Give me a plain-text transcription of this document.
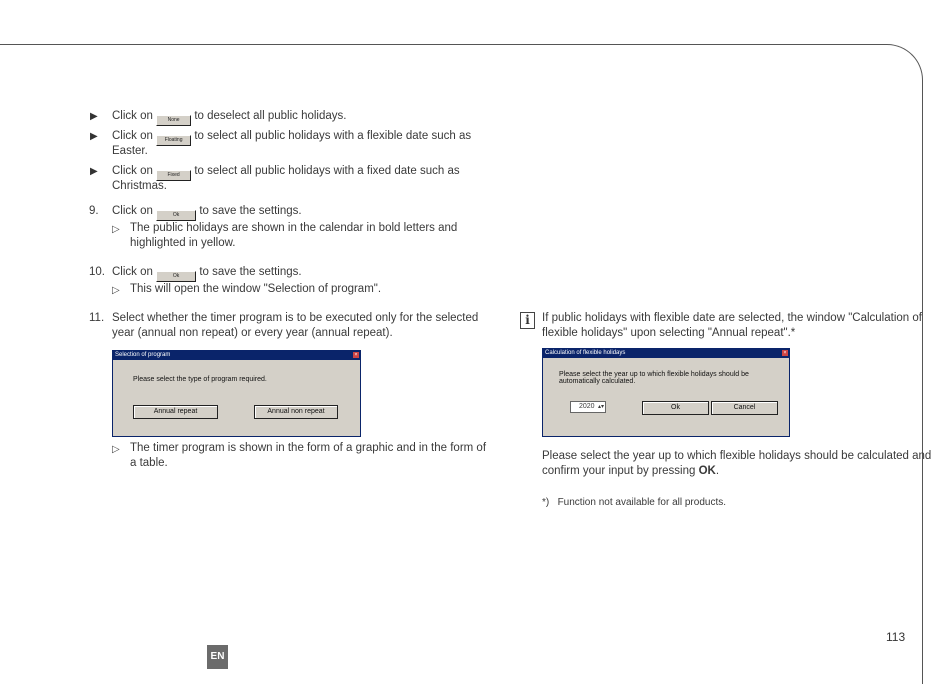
▶ Click on	None to deselect all public holidays.
▶ Click on Floating to select all public holidays with a flexible date such as
Easter.
▶ Click on	Fixed to select all public holidays with a fixed date such as
Christmas.
9. Click on	Ok to save the settings.
▷ The public holidays are shown in the calendar in bold letters and
highlighted in yellow.
10. Click on	Ok to save the settings.
▷ This will open the window "Selection of program".
11. Select whether the timer program is to be executed only for the selected
year (annual non repeat) or every year (annual repeat).
Selection of program	×
Please select the type of program required.
Annual repeat	Annual non repeat
▷ The timer program is shown in the form of a graphic and in the form of
a table.
i	If public holidays with flexible date are selected, the window "Calculation of
flexible holidays" upon selecting "Annual repeat".*
Calculation of flexible holidays	×
Please select the year up to which flexible holidays should be
automatically calculated.
2020 ▴▾	Ok	Cancel
Please select the year up to which flexible holidays should be calculated and
confirm your input by pressing OK.
*) Function not available for all products.
EN
113
